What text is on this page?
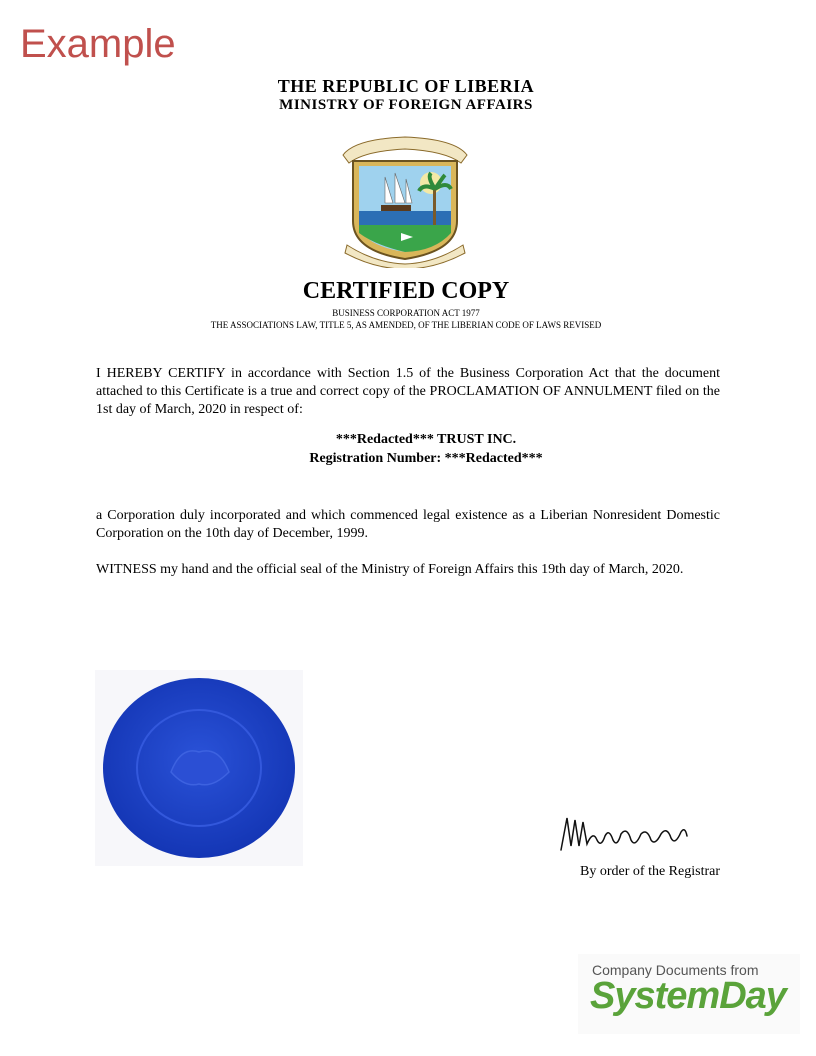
Example
THE REPUBLIC OF LIBERIA
MINISTRY OF FOREIGN AFFAIRS
CERTIFIED COPY
BUSINESS CORPORATION ACT 1977
THE ASSOCIATIONS LAW, TITLE 5, AS AMENDED, OF THE LIBERIAN CODE OF LAWS REVISED
I HEREBY CERTIFY in accordance with Section 1.5 of the Business Corporation Act that the document attached to this Certificate is a true and correct copy of the PROCLAMATION OF ANNULMENT filed on the 1st day of March, 2020 in respect of:
***Redacted*** TRUST INC.
Registration Number: ***Redacted***
a Corporation duly incorporated and which commenced legal existence as a Liberian Nonresident Domestic Corporation on the 10th day of December, 1999.
WITNESS my hand and the official seal of the Ministry of Foreign Affairs this 19th day of March, 2020.
By order of the Registrar
Company Documents from
SystemDay
